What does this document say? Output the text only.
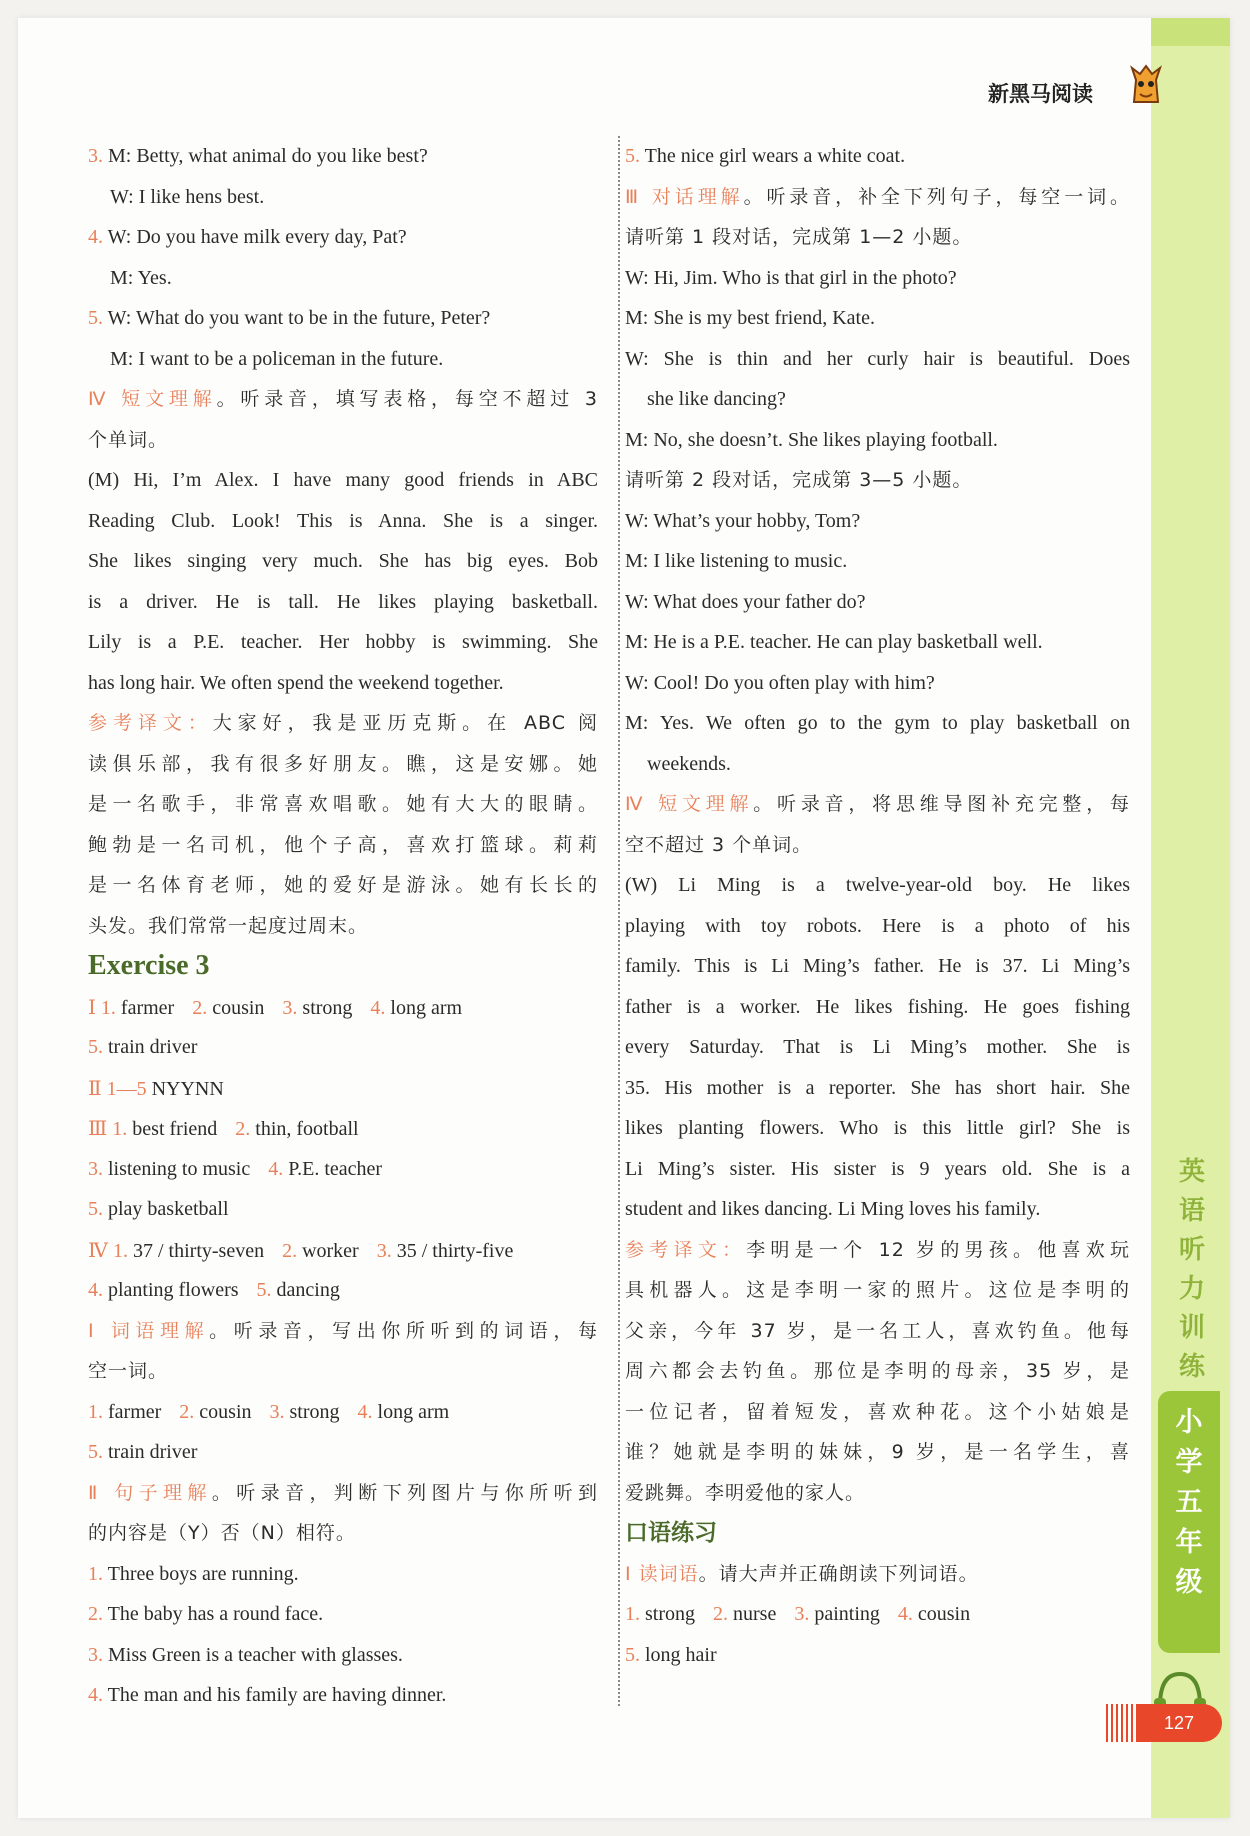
新黑马阅读
3. M: Betty, what animal do you like best?
W: I like hens best.
4. W: Do you have milk every day, Pat?
M: Yes.
5. W: What do you want to be in the future, Peter?
M: I want to be a policeman in the future.
Ⅳ 短文理解。听录音，填写表格，每空不超过 3
个单词。
(M) Hi, I’m Alex. I have many good friends in ABC
Reading Club. Look! This is Anna. She is a singer.
She likes singing very much. She has big eyes. Bob
is a driver. He is tall. He likes playing basketball.
Lily is a P.E. teacher. Her hobby is swimming. She
has long hair. We often spend the weekend together.
参考译文：大家好，我是亚历克斯。在 ABC 阅
读俱乐部，我有很多好朋友。瞧，这是安娜。她
是一名歌手，非常喜欢唱歌。她有大大的眼睛。
鲍勃是一名司机，他个子高，喜欢打篮球。莉莉
是一名体育老师，她的爱好是游泳。她有长长的
头发。我们常常一起度过周末。
Exercise 3
Ⅰ 1. farmer 2. cousin 3. strong 4. long arm
5. train driver
Ⅱ 1—5 NYYNN
Ⅲ 1. best friend 2. thin, football
3. listening to music 4. P.E. teacher
5. play basketball
Ⅳ 1. 37 / thirty-seven 2. worker 3. 35 / thirty-five
4. planting flowers 5. dancing
Ⅰ 词语理解。听录音，写出你所听到的词语，每
空一词。
1. farmer 2. cousin 3. strong 4. long arm
5. train driver
Ⅱ 句子理解。听录音，判断下列图片与你所听到
的内容是（Y）否（N）相符。
1. Three boys are running.
2. The baby has a round face.
3. Miss Green is a teacher with glasses.
4. The man and his family are having dinner.
5. The nice girl wears a white coat.
Ⅲ 对话理解。听录音，补全下列句子，每空一词。
请听第 1 段对话，完成第 1—2 小题。
W: Hi, Jim. Who is that girl in the photo?
M: She is my best friend, Kate.
W: She is thin and her curly hair is beautiful. Does
she like dancing?
M: No, she doesn’t. She likes playing football.
请听第 2 段对话，完成第 3—5 小题。
W: What’s your hobby, Tom?
M: I like listening to music.
W: What does your father do?
M: He is a P.E. teacher. He can play basketball well.
W: Cool! Do you often play with him?
M: Yes. We often go to the gym to play basketball on
weekends.
Ⅳ 短文理解。听录音，将思维导图补充完整，每
空不超过 3 个单词。
(W) Li Ming is a twelve-year-old boy. He likes
playing with toy robots. Here is a photo of his
family. This is Li Ming’s father. He is 37. Li Ming’s
father is a worker. He likes fishing. He goes fishing
every Saturday. That is Li Ming’s mother. She is
35. His mother is a reporter. She has short hair. She
likes planting flowers. Who is this little girl? She is
Li Ming’s sister. His sister is 9 years old. She is a
student and likes dancing. Li Ming loves his family.
参考译文：李明是一个 12 岁的男孩。他喜欢玩
具机器人。这是李明一家的照片。这位是李明的
父亲，今年 37 岁，是一名工人，喜欢钓鱼。他每
周六都会去钓鱼。那位是李明的母亲，35 岁，是
一位记者，留着短发，喜欢种花。这个小姑娘是
谁？她就是李明的妹妹，9 岁，是一名学生，喜
爱跳舞。李明爱他的家人。
口语练习
Ⅰ 读词语。请大声并正确朗读下列词语。
1. strong 2. nurse 3. painting 4. cousin
5. long hair
英
语
听
力
训
练
小
学
五
年
级
127
